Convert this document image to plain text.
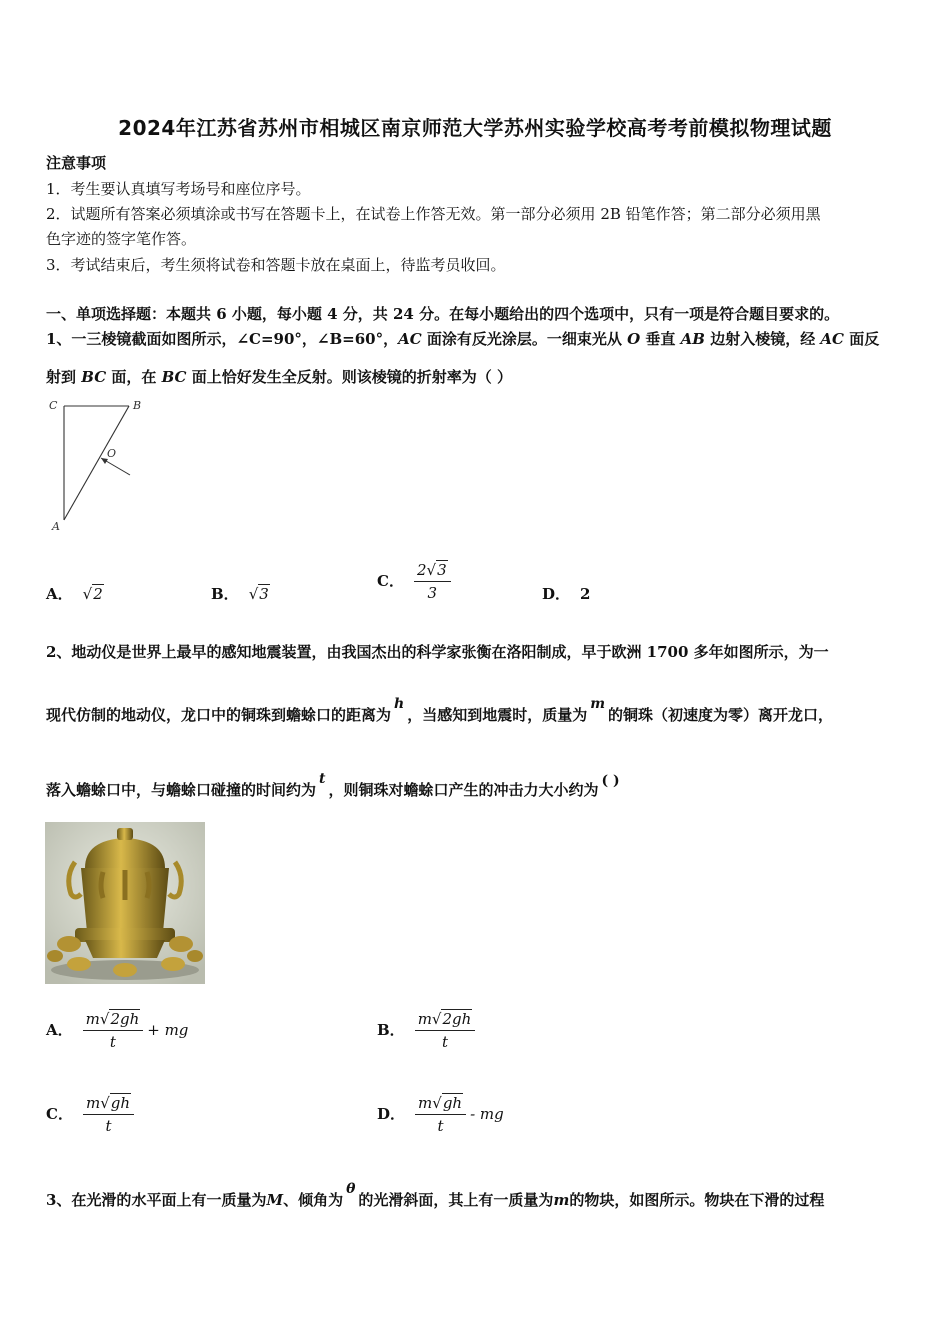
2024年江苏省苏州市相城区南京师范大学苏州实验学校高考考前模拟物理试题
注意事项
1．考生要认真填写考场号和座位序号。
2．试题所有答案必须填涂或书写在答题卡上，在试卷上作答无效。第一部分必须用 2B 铅笔作答；第二部分必须用黑
色字迹的签字笔作答。
3．考试结束后，考生须将试卷和答题卡放在桌面上，待监考员收回。
一、单项选择题：本题共 6 小题，每小题 4 分，共 24 分。在每小题给出的四个选项中，只有一项是符合题目要求的。
1、一三棱镜截面如图所示，∠C=90°，∠B=60°，AC 面涂有反光涂层。一细束光从 O 垂直 AB 边射入棱镜，经 AC 面反
射到 BC 面，在 BC 面上恰好发生全反射。则该棱镜的折射率为（ ）
C	B
O
A
A． √2	B． √3
C． $\frac{2√3}{3}$	D． 2
2、地动仪是世界上最早的感知地震装置，由我国杰出的科学家张衡在洛阳制成，早于欧洲 1700 多年如图所示，为一
现代仿制的地动仪，龙口中的铜珠到蟾蜍口的距离为h，当感知到地震时，质量为m的铜珠（初速度为零）离开龙口，
落入蟾蜍口中，与蟾蜍口碰撞的时间约为t，则铜珠对蟾蜍口产生的冲击力大小约为 ( )
A． $\frac{m√2gh}{t}$ + mg	B． $\frac{m√2gh}{t}$
C． $\frac{m√gh}{t}$	D． $\frac{m√gh}{t}$ - mg
3、在光滑的水平面上有一质量为M、倾角为θ的光滑斜面，其上有一质量为m的物块，如图所示。物块在下滑的过程
